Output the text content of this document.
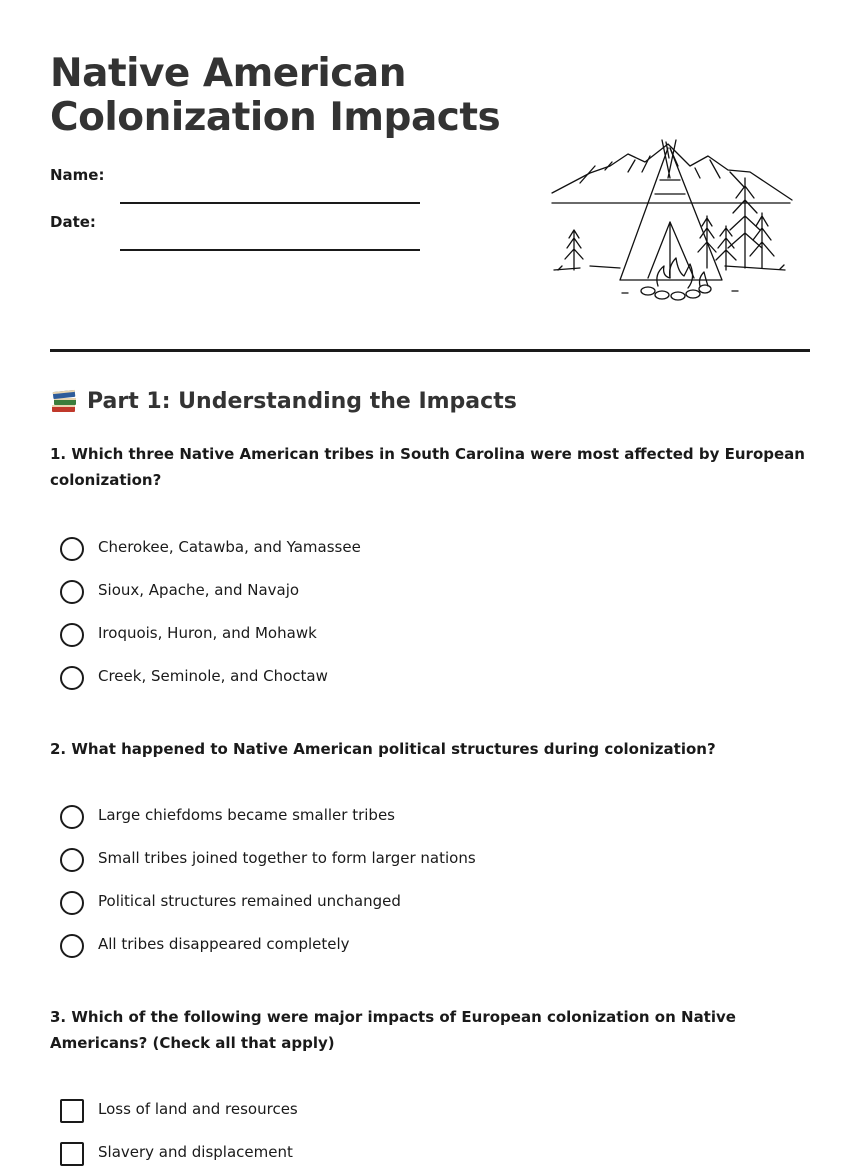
Native American
Colonization Impacts
Name:
Date:
Part 1: Understanding the Impacts

1. Which three Native American tribes in South Carolina were most affected by European colonization?

Cherokee, Catawba, and Yamassee
Sioux, Apache, and Navajo
Iroquois, Huron, and Mohawk
Creek, Seminole, and Choctaw

2. What happened to Native American political structures during colonization?

Large chiefdoms became smaller tribes
Small tribes joined together to form larger nations
Political structures remained unchanged
All tribes disappeared completely

3. Which of the following were major impacts of European colonization on Native Americans? (Check all that apply)

Loss of land and resources
Slavery and displacement
